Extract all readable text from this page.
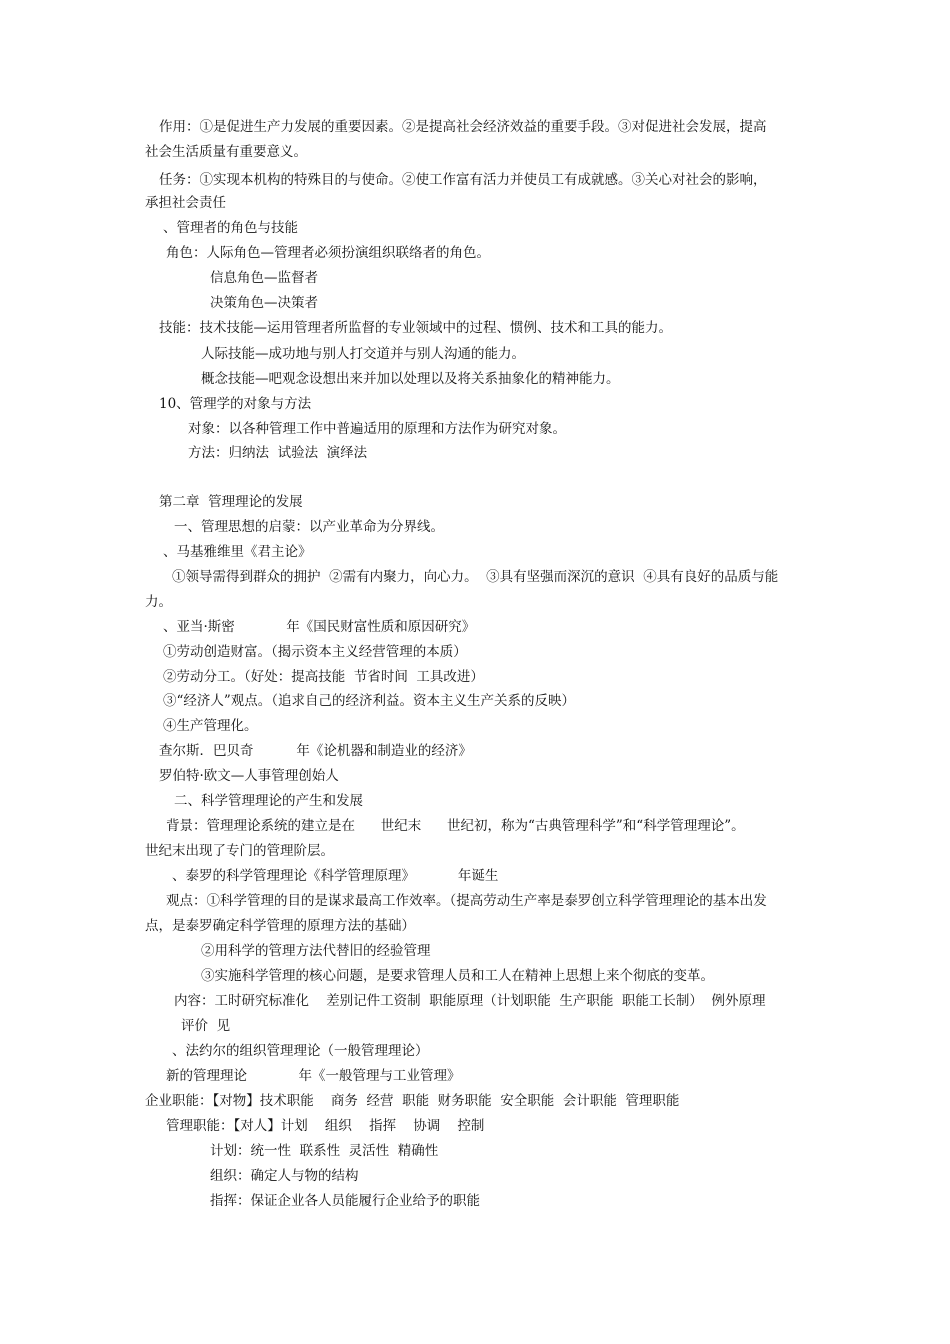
作用：①是促进生产力发展的重要因素。②是提高社会经济效益的重要手段。③对促进社会发展，提高
社会生活质量有重要意义。
任务：①实现本机构的特殊目的与使命。②使工作富有活力并使员工有成就感。③关心对社会的影响，
承担社会责任
、管理者的角色与技能
角色：人际角色—管理者必须扮演组织联络者的角色。
信息角色—监督者
决策角色—决策者
技能：技术技能—运用管理者所监督的专业领域中的过程、惯例、技术和工具的能力。
人际技能—成功地与别人打交道并与别人沟通的能力。
概念技能—吧观念设想出来并加以处理以及将关系抽象化的精神能力。
10、管理学的对象与方法
对象：以各种管理工作中普遍适用的原理和方法作为研究对象。
方法：归纳法  试验法  演绎法
第二章  管理理论的发展
一、管理思想的启蒙：以产业革命为分界线。
、马基雅维里《君主论》
①领导需得到群众的拥护  ②需有内聚力，向心力。  ③具有坚强而深沉的意识  ④具有良好的品质与能
力。
、亚当·斯密            年《国民财富性质和原因研究》
①劳动创造财富。（揭示资本主义经营管理的本质）
②劳动分工。（好处：提高技能  节省时间  工具改进）
③“经济人”观点。（追求自己的经济利益。资本主义生产关系的反映）
④生产管理化。
查尔斯．巴贝奇          年《论机器和制造业的经济》
罗伯特·欧文—人事管理创始人
二、科学管理理论的产生和发展
背景：管理理论系统的建立是在      世纪末      世纪初，称为“古典管理科学”和“科学管理理论”。
世纪末出现了专门的管理阶层。
、泰罗的科学管理理论《科学管理原理》          年诞生
观点：①科学管理的目的是谋求最高工作效率。（提高劳动生产率是泰罗创立科学管理理论的基本出发
点，是泰罗确定科学管理的原理方法的基础）
②用科学的管理方法代替旧的经验管理
③实施科学管理的核心问题，是要求管理人员和工人在精神上思想上来个彻底的变革。
内容：工时研究标准化    差别记件工资制  职能原理（计划职能  生产职能  职能工长制）  例外原理
评价  见
、法约尔的组织管理理论（一般管理理论）
新的管理理论            年《一般管理与工业管理》
企业职能：【对物】技术职能    商务  经营  职能  财务职能  安全职能  会计职能  管理职能
管理职能：【对人】计划    组织    指挥    协调    控制
计划：统一性  联系性  灵活性  精确性
组织：确定人与物的结构
指挥：保证企业各人员能履行企业给予的职能
